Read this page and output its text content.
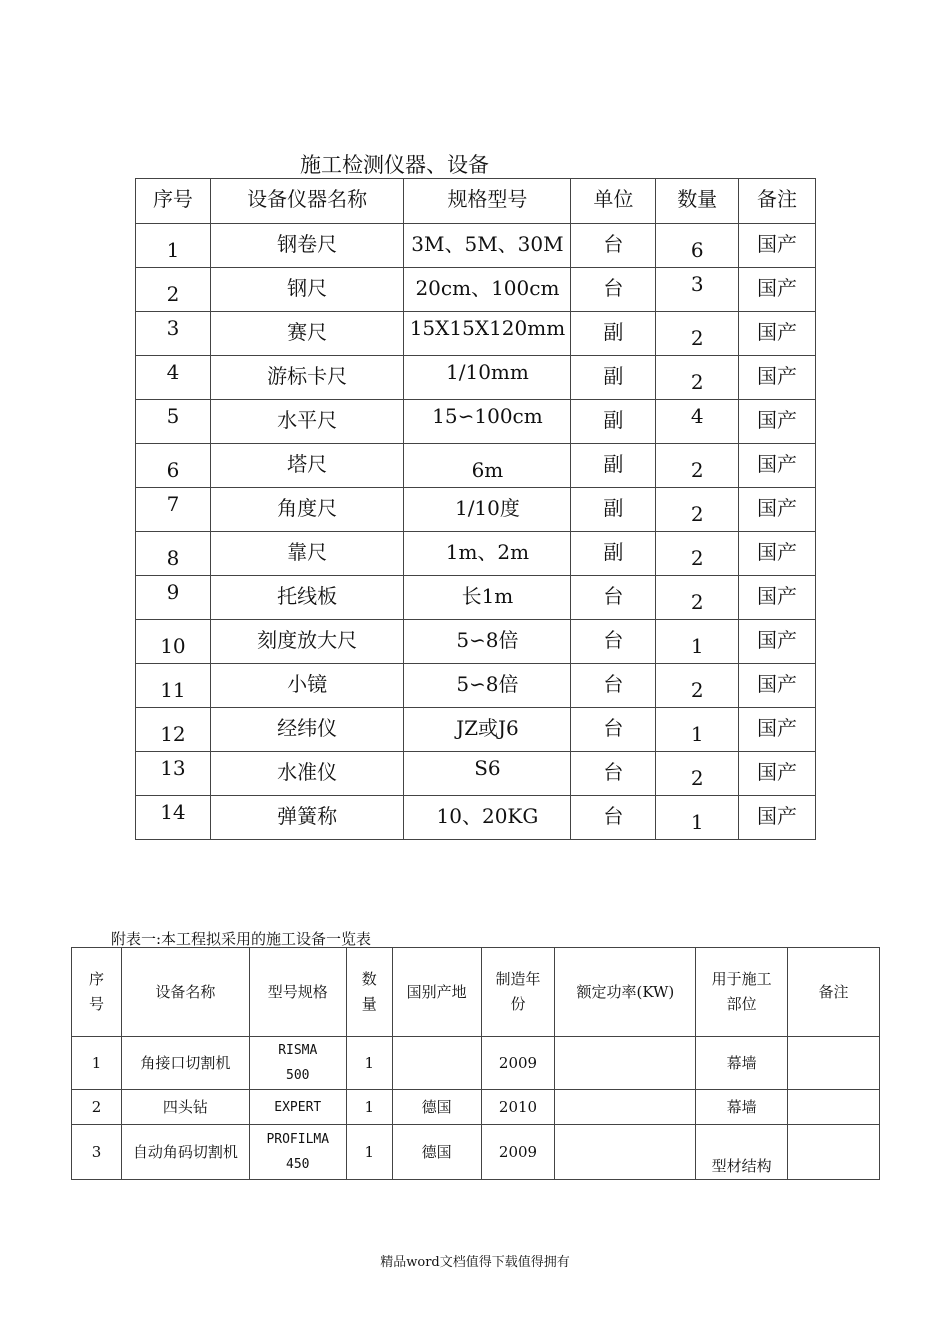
施工检测仪器、设备
序号	设备仪器名称	规格型号	单位	数量	备注
1	钢卷尺	3M、5M、30M	台	6	国产
2	钢尺	20cm、100cm	台	3	国产
3	赛尺	15X15X120mm	副	2	国产
4	游标卡尺	1/10mm	副	2	国产
5	水平尺	15∽100cm	副	4	国产
6	塔尺	6m	副	2	国产
7	角度尺	1/10度	副	2	国产
8	靠尺	1m、2m	副	2	国产
9	托线板	长1m	台	2	国产
10	刻度放大尺	5∽8倍	台	1	国产
11	小镜	5∽8倍	台	2	国产
12	经纬仪	JZ或J6	台	1	国产
13	水准仪	S6	台	2	国产
14	弹簧称	10、20KG	台	1	国产
附表一:本工程拟采用的施工设备一览表
序号	设备名称	型号规格	数量	国别产地	制造年份	额定功率(KW)	用于施工部位	备注
1	角接口切割机	RISMA 500	1		2009		幕墙	
2	四头钻	EXPERT	1	德国	2010		幕墙	
3	自动角码切割机	PROFILMA 450	1	德国	2009		型材结构	
精品word文档值得下载值得拥有
